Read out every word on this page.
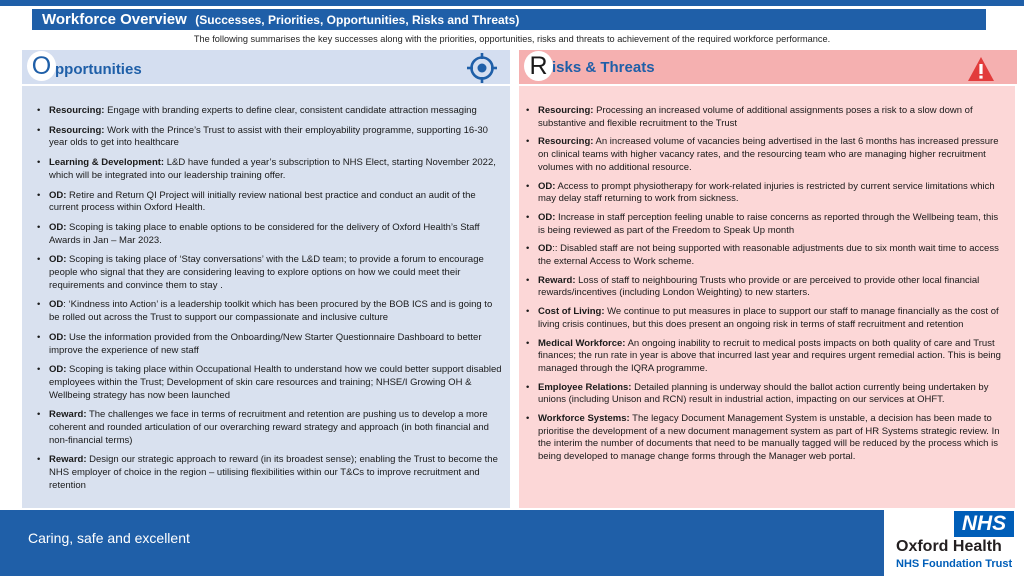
Workforce Overview (Successes, Priorities, Opportunities, Risks and Threats)
The following summarises the key successes along with the priorities, opportunities, risks and threats to achievement of the required workforce performance.
O pportunities	R isks & Threats
• Resourcing: Engage with branding experts to define clear, consistent candidate attraction messaging
• Resourcing: Work with the Prince’s Trust to assist with their employability programme, supporting 16-30 year olds to get into healthcare
• Learning & Development: L&D have funded a year’s subscription to NHS Elect, starting November 2022, which will be integrated into our leadership training offer.
• OD: Retire and Return QI Project will initially review national best practice and conduct an audit of the current process within Oxford Health.
• OD: Scoping is taking place to enable options to be considered for the delivery of Oxford Health’s Staff Awards in Jan – Mar 2023.
• OD: Scoping is taking place of ‘Stay conversations’ with the L&D team; to provide a forum to encourage people who signal that they are considering leaving to explore options on how we could meet their requirements and convince them to stay .
• OD: ‘Kindness into Action’ is a leadership toolkit which has been procured by the BOB ICS and is going to be rolled out across the Trust to support our compassionate and inclusive culture
• OD: Use the information provided from the Onboarding/New Starter Questionnaire Dashboard to better improve the experience of new staff
• OD: Scoping is taking place within Occupational Health to understand how we could better support disabled employees within the Trust; Development of skin care resources and training; NHSE/I Growing OH & Wellbeing strategy has now been launched
• Reward: The challenges we face in terms of recruitment and retention are pushing us to develop a more coherent and rounded articulation of our overarching reward strategy and approach (in both financial and non-financial terms)
• Reward: Design our strategic approach to reward (in its broadest sense); enabling the Trust to become the NHS employer of choice in the region – utilising flexibilities within our T&Cs to improve recruitment and retention
• Resourcing: Processing an increased volume of additional assignments poses a risk to a slow down of substantive and flexible recruitment to the Trust
• Resourcing: An increased volume of vacancies being advertised in the last 6 months has increased pressure on clinical teams with higher vacancy rates, and the resourcing team who are managing higher recruitment volumes with no additional resource.
• OD: Access to prompt physiotherapy for work-related injuries is restricted by current service limitations which may delay staff returning to work from sickness.
• OD: Increase in staff perception feeling unable to raise concerns as reported through the Wellbeing team, this is being reviewed as part of the Freedom to Speak Up month
• OD:: Disabled staff are not being supported with reasonable adjustments due to six month wait time to access the external Access to Work scheme.
• Reward: Loss of staff to neighbouring Trusts who provide or are perceived to provide other local financial rewards/incentives (including London Weighting) to new starters.
• Cost of Living: We continue to put measures in place to support our staff to manage financially as the cost of living crisis continues, but this does present an ongoing risk in terms of staff recruitment and retention
• Medical Workforce: An ongoing inability to recruit to medical posts impacts on both quality of care and Trust finances; the run rate in year is above that incurred last year and requires urgent remedial action. This is being managed through the IQRA programme.
• Employee Relations: Detailed planning is underway should the ballot action currently being undertaken by unions (including Unison and RCN) result in industrial action, impacting on our services at OHFT.
• Workforce Systems: The legacy Document Management System is unstable, a decision has been made to prioritise the development of a new document management system as part of HR Systems strategic review. In the interim the number of documents that need to be manually tagged will be reduced by the process which is being developed to manage change forms through the Manager web portal.
Caring, safe and excellent
NHS
Oxford Health
NHS Foundation Trust
